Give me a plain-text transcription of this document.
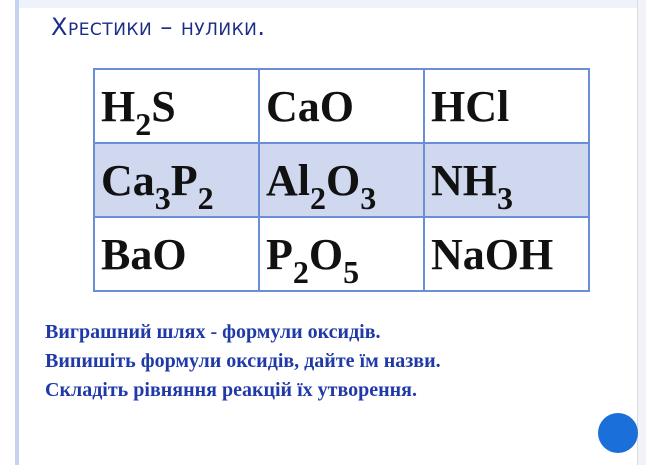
Хрестики – нулики.
$H_2S$	CaO	HCl
$Ca_3P_2$	$Al_2O_3$	$NH_3$
BaO	$P_2O_5$	NaOH
Виграшний шлях - формули оксидів.
Випишіть формули оксидів, дайте їм назви.
Складіть рівняння реакцій їх утворення.
